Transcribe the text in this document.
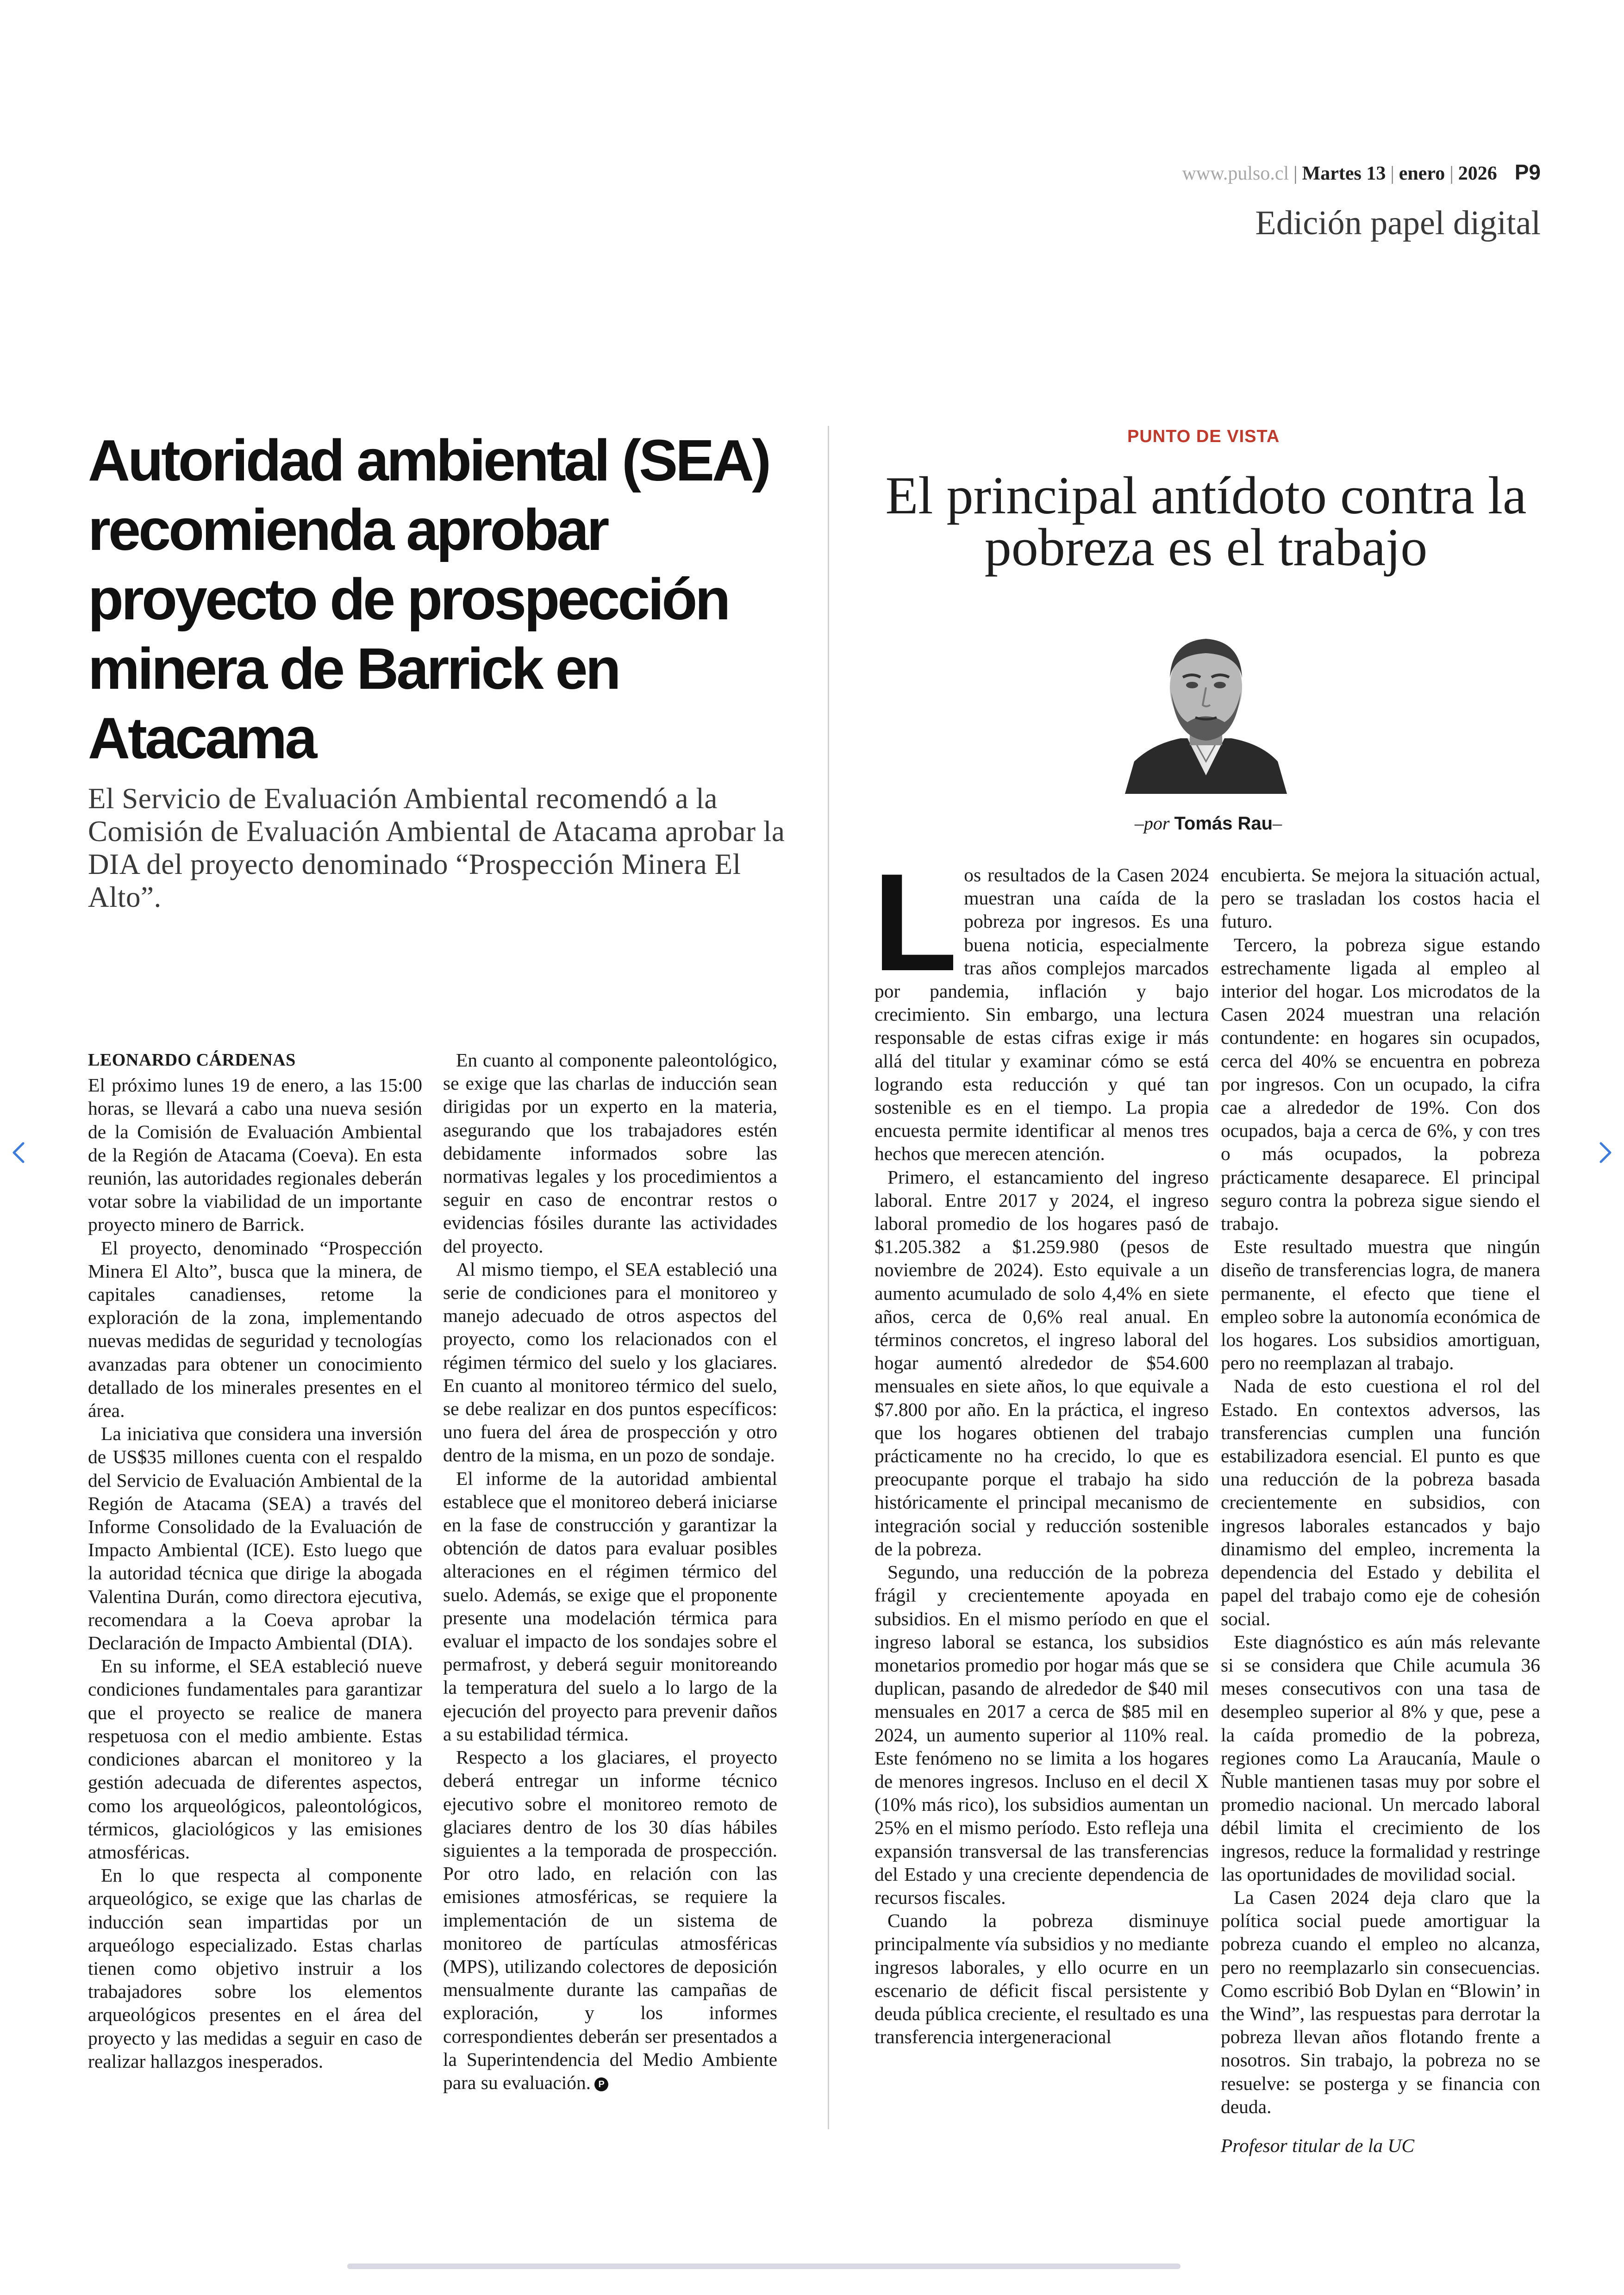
www.pulso.cl | Martes 13 | enero | 2026 P9
Edición papel digital
Autoridad ambiental (SEA) recomienda aprobar proyecto de prospección minera de Barrick en Atacama

El Servicio de Evaluación Ambiental recomendó a la Comisión de Evaluación Ambiental de Atacama aprobar la DIA del proyecto denominado “Prospección Minera El Alto”.

LEONARDO CÁRDENAS

El próximo lunes 19 de enero, a las 15:00 horas, se llevará a cabo una nueva sesión de la Comisión de Evaluación Ambiental de la Región de Atacama (Coeva). En esta reunión, las autoridades regionales deberán votar sobre la viabilidad de un importante proyecto minero de Barrick.

El proyecto, denominado “Prospección Minera El Alto”, busca que la minera, de capitales canadienses, retome la exploración de la zona, implementando nuevas medidas de seguridad y tecnologías avanzadas para obtener un conocimiento detallado de los minerales presentes en el área.

La iniciativa que considera una inversión de US$35 millones cuenta con el respaldo del Servicio de Evaluación Ambiental de la Región de Atacama (SEA) a través del Informe Consolidado de la Evaluación de Impacto Ambiental (ICE). Esto luego que la autoridad técnica que dirige la abogada Valentina Durán, como directora ejecutiva, recomendara a la Coeva aprobar la Declaración de Impacto Ambiental (DIA).

En su informe, el SEA estableció nueve condiciones fundamentales para garantizar que el proyecto se realice de manera respetuosa con el medio ambiente. Estas condiciones abarcan el monitoreo y la gestión adecuada de diferentes aspectos, como los arqueológicos, paleontológicos, térmicos, glaciológicos y las emisiones atmosféricas.

En lo que respecta al componente arqueológico, se exige que las charlas de inducción sean impartidas por un arqueólogo especializado. Estas charlas tienen como objetivo instruir a los trabajadores sobre los elementos arqueológicos presentes en el área del proyecto y las medidas a seguir en caso de realizar hallazgos inesperados.

En cuanto al componente paleontológico, se exige que las charlas de inducción sean dirigidas por un experto en la materia, asegurando que los trabajadores estén debidamente informados sobre las normativas legales y los procedimientos a seguir en caso de encontrar restos o evidencias fósiles durante las actividades del proyecto.

Al mismo tiempo, el SEA estableció una serie de condiciones para el monitoreo y manejo adecuado de otros aspectos del proyecto, como los relacionados con el régimen térmico del suelo y los glaciares. En cuanto al monitoreo térmico del suelo, se debe realizar en dos puntos específicos: uno fuera del área de prospección y otro dentro de la misma, en un pozo de sondaje.

El informe de la autoridad ambiental establece que el monitoreo deberá iniciarse en la fase de construcción y garantizar la obtención de datos para evaluar posibles alteraciones en el régimen térmico del suelo. Además, se exige que el proponente presente una modelación térmica para evaluar el impacto de los sondajes sobre el permafrost, y deberá seguir monitoreando la temperatura del suelo a lo largo de la ejecución del proyecto para prevenir daños a su estabilidad térmica.

Respecto a los glaciares, el proyecto deberá entregar un informe técnico ejecutivo sobre el monitoreo remoto de glaciares dentro de los 30 días hábiles siguientes a la temporada de prospección. Por otro lado, en relación con las emisiones atmosféricas, se requiere la implementación de un sistema de monitoreo de partículas atmosféricas (MPS), utilizando colectores de deposición mensualmente durante las campañas de exploración, y los informes correspondientes deberán ser presentados a la Superintendencia del Medio Ambiente para su evaluación. P

PUNTO DE VISTA
El principal antídoto contra la pobreza es el trabajo
–por Tomás Rau–
L os resultados de la Casen 2024 muestran una caída de la pobreza por ingresos. Es una buena noticia, especialmente tras años complejos marcados por pandemia, inflación y bajo crecimiento. Sin embargo, una lectura responsable de estas cifras exige ir más allá del titular y examinar cómo se está logrando esta reducción y qué tan sostenible es en el tiempo. La propia encuesta permite identificar al menos tres hechos que merecen atención.

Primero, el estancamiento del ingreso laboral. Entre 2017 y 2024, el ingreso laboral promedio de los hogares pasó de $1.205.382 a $1.259.980 (pesos de noviembre de 2024). Esto equivale a un aumento acumulado de solo 4,4% en siete años, cerca de 0,6% real anual. En términos concretos, el ingreso laboral del hogar aumentó alrededor de $54.600 mensuales en siete años, lo que equivale a $7.800 por año. En la práctica, el ingreso que los hogares obtienen del trabajo prácticamente no ha crecido, lo que es preocupante porque el trabajo ha sido históricamente el principal mecanismo de integración social y reducción sostenible de la pobreza.

Segundo, una reducción de la pobreza frágil y crecientemente apoyada en subsidios. En el mismo período en que el ingreso laboral se estanca, los subsidios monetarios promedio por hogar más que se duplican, pasando de alrededor de $40 mil mensuales en 2017 a cerca de $85 mil en 2024, un aumento superior al 110% real. Este fenómeno no se limita a los hogares de menores ingresos. Incluso en el decil X (10% más rico), los subsidios aumentan un 25% en el mismo período. Esto refleja una expansión transversal de las transferencias del Estado y una creciente dependencia de recursos fiscales.

Cuando la pobreza disminuye principalmente vía subsidios y no mediante ingresos laborales, y ello ocurre en un escenario de déficit fiscal persistente y deuda pública creciente, el resultado es una transferencia intergeneracional

encubierta. Se mejora la situación actual, pero se trasladan los costos hacia el futuro.

Tercero, la pobreza sigue estando estrechamente ligada al empleo al interior del hogar. Los microdatos de la Casen 2024 muestran una relación contundente: en hogares sin ocupados, cerca del 40% se encuentra en pobreza por ingresos. Con un ocupado, la cifra cae a alrededor de 19%. Con dos ocupados, baja a cerca de 6%, y con tres o más ocupados, la pobreza prácticamente desaparece. El principal seguro contra la pobreza sigue siendo el trabajo.

Este resultado muestra que ningún diseño de transferencias logra, de manera permanente, el efecto que tiene el empleo sobre la autonomía económica de los hogares. Los subsidios amortiguan, pero no reemplazan al trabajo.

Nada de esto cuestiona el rol del Estado. En contextos adversos, las transferencias cumplen una función estabilizadora esencial. El punto es que una reducción de la pobreza basada crecientemente en subsidios, con ingresos laborales estancados y bajo dinamismo del empleo, incrementa la dependencia del Estado y debilita el papel del trabajo como eje de cohesión social.

Este diagnóstico es aún más relevante si se considera que Chile acumula 36 meses consecutivos con una tasa de desempleo superior al 8% y que, pese a la caída promedio de la pobreza, regiones como La Araucanía, Maule o Ñuble mantienen tasas muy por sobre el promedio nacional. Un mercado laboral débil limita el crecimiento de los ingresos, reduce la formalidad y restringe las oportunidades de movilidad social.

La Casen 2024 deja claro que la política social puede amortiguar la pobreza cuando el empleo no alcanza, pero no reemplazarlo sin consecuencias. Como escribió Bob Dylan en “Blowin’ in the Wind”, las respuestas para derrotar la pobreza llevan años flotando frente a nosotros. Sin trabajo, la pobreza no se resuelve: se posterga y se financia con deuda.

Profesor titular de la UC
